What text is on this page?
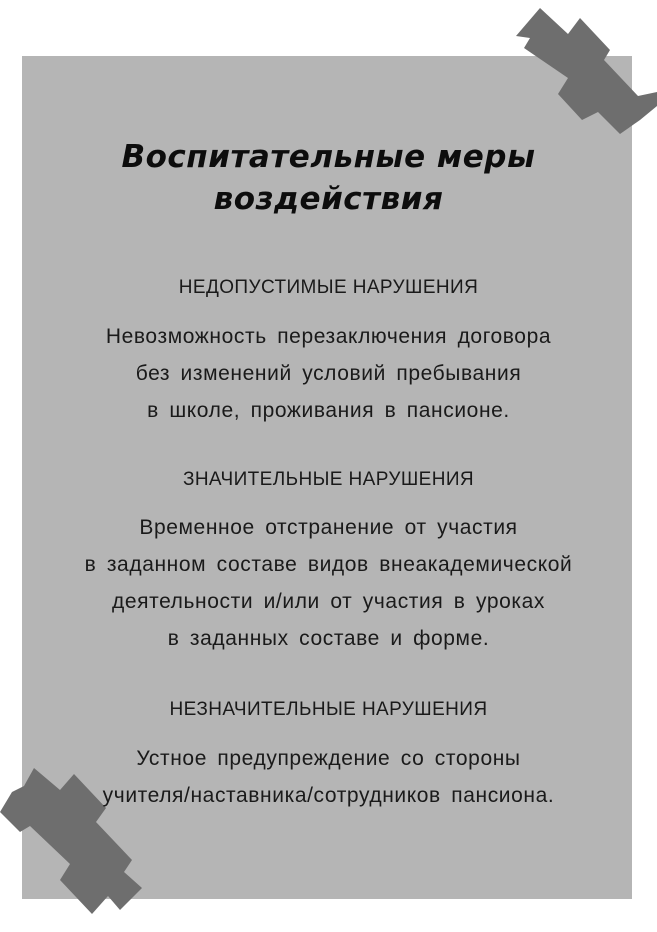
Воспитательные меры
воздействия

НЕДОПУСТИМЫЕ НАРУШЕНИЯ

Невозможность перезаключения договора
без изменений условий пребывания
в школе, проживания в пансионе.

ЗНАЧИТЕЛЬНЫЕ НАРУШЕНИЯ

Временное отстранение от участия
в заданном составе видов внеакадемической
деятельности и/или от участия в уроках
в заданных составе и форме.

НЕЗНАЧИТЕЛЬНЫЕ НАРУШЕНИЯ

Устное предупреждение со стороны
учителя/наставника/сотрудников пансиона.
